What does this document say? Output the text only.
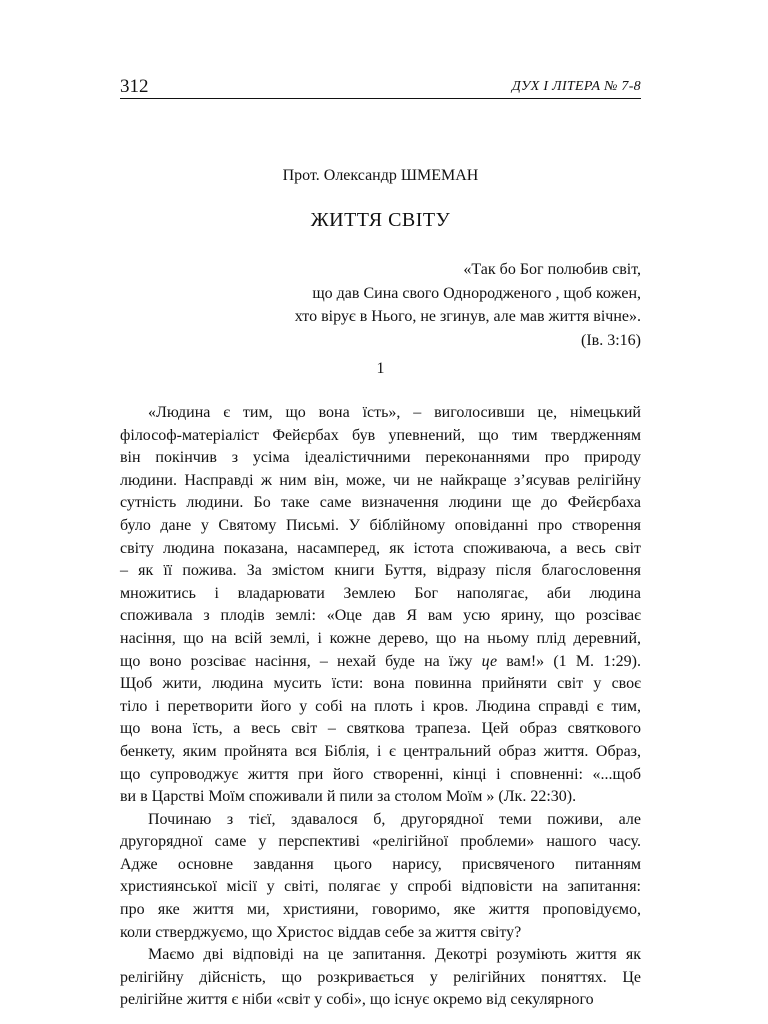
312	ДУХ І ЛІТЕРА № 7-8
Прот. Олександр ШМЕМАН
ЖИТТЯ СВІТУ
«Так бо Бог полюбив світ,
що дав Сина свого Однородженого , щоб кожен,
хто вірує в Нього, не згинув, але мав життя вічне».
(Ів. 3:16)
1
«Людина є тим, що вона їсть», – виголосивши це, німецький
філософ-матеріаліст Фейєрбах був упевнений, що тим твердженням
він покінчив з усіма ідеалістичними переконаннями про природу
людини. Насправді ж ним він, може, чи не найкраще з’ясував релігійну
сутність людини. Бо таке саме визначення людини ще до Фейєрбаха
було дане у Святому Письмі. У біблійному оповіданні про створення
світу людина показана, насамперед, як істота споживаюча, а весь світ
– як її пожива. За змістом книги Буття, відразу після благословення
множитись і владарювати Землею Бог наполягає, аби людина
споживала з плодів землі: «Оце дав Я вам усю ярину, що розсіває
насіння, що на всій землі, і кожне дерево, що на ньому плід деревний,
що воно розсіває насіння, – нехай буде на їжу це вам!» (1 М. 1:29).
Щоб жити, людина мусить їсти: вона повинна прийняти світ у своє
тіло і перетворити його у собі на плоть і кров. Людина справді є тим,
що вона їсть, а весь світ – святкова трапеза. Цей образ святкового
бенкету, яким пройнята вся Біблія, і є центральний образ життя. Образ,
що супроводжує життя при його створенні, кінці і сповненні: «...щоб
ви в Царстві Моїм споживали й пили за столом Моїм » (Лк. 22:30).
Починаю з тієї, здавалося б, другорядної теми поживи, але
другорядної саме у перспективі «релігійної проблеми» нашого часу.
Адже основне завдання цього нарису, присвяченого питанням
християнської місії у світі, полягає у спробі відповісти на запитання:
про яке життя ми, християни, говоримо, яке життя проповідуємо,
коли стверджуємо, що Христос віддав себе за життя світу?
Маємо дві відповіді на це запитання. Декотрі розуміють життя як
релігійну дійсність, що розкривається у релігійних поняттях. Це
релігійне життя є ніби «світ у собі», що існує окремо від секулярного
